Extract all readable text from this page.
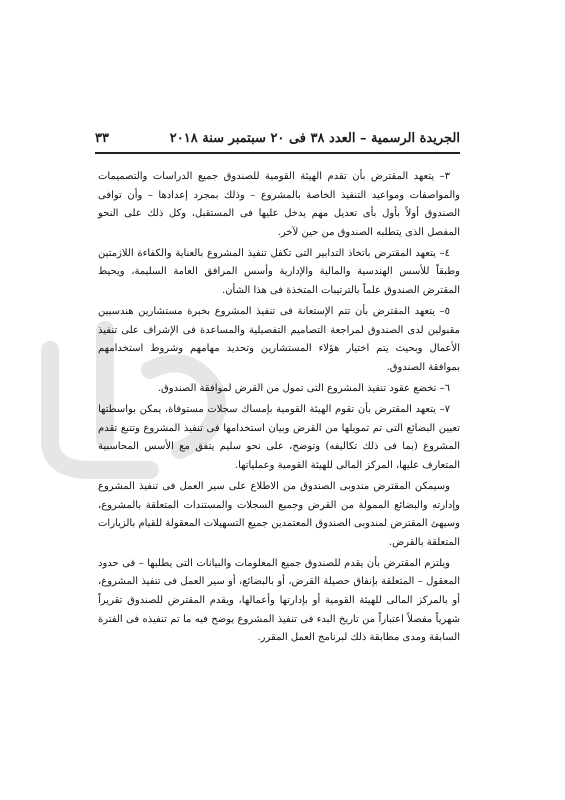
الجريدة الرسمية – العدد ٣٨ فى ٢٠ سبتمبر سنة ٢٠١٨
٣٣

٣– يتعهد المقترض بأن تقدم الهيئة القومية للصندوق جميع الدراسات والتصميمات والمواصفات ومواعيد التنفيذ الخاصة بالمشروع – وذلك بمجرد إعدادها – وأن توافى الصندوق أولاً بأول بأى تعديل مهم يدخل عليها فى المستقبل، وكل ذلك على النحو المفصل الذى يتطلبه الصندوق من حين لآخر.

٤– يتعهد المقترض باتخاذ التدابير التى تكفل تنفيذ المشروع بالعناية والكفاءة اللازمتين وطبقاً للأسس الهندسية والمالية والإدارية وأسس المرافق العامة السليمة، ويحيط المقترض الصندوق علماً بالترتيبات المتخذة فى هذا الشأن.

٥– يتعهد المقترض بأن تتم الإستعانة فى تنفيذ المشروع بخبرة مستشارين هندسيين مقبولين لدى الصندوق لمراجعة التصاميم التفصيلية والمساعدة فى الإشراف على تنفيذ الأعمال وبحيث يتم اختيار هؤلاء المستشارين وتحديد مهامهم وشروط استخدامهم بموافقة الصندوق.

٦– تخضع عقود تنفيذ المشروع التى تمول من القرض لموافقة الصندوق.

٧– يتعهد المقترض بأن تقوم الهيئة القومية بإمساك سجلات مستوفاة، يمكن بواسطتها تعيين البضائع التى تم تمويلها من القرض وبيان استخدامها فى تنفيذ المشروع وتتبع تقدم المشروع (بما فى ذلك تكاليفه) وتوضح، على نحو سليم يتفق مع الأسس المحاسبية المتعارف عليها، المركز المالى للهيئة القومية وعملياتها.

وسيمكن المقترض مندوبى الصندوق من الاطلاع على سير العمل فى تنفيذ المشروع وإدارته والبضائع الممولة من القرض وجميع السجلات والمستندات المتعلقة بالمشروع، وسيهئ المقترض لمندوبى الصندوق المعتمدين جميع التسهيلات المعقولة للقيام بالزيارات المتعلقة بالقرض.

ويلتزم المقترض بأن يقدم للصندوق جميع المعلومات والبيانات التى يطلبها – فى حدود المعقول – المتعلقة بإنفاق حصيلة القرض، أو بالبضائع، أو سير العمل فى تنفيذ المشروع، أو بالمركز المالى للهيئة القومية أو بإدارتها وأعمالها، ويقدم المقترض للصندوق تقريراً شهرياً مفصلاً اعتباراً من تاريخ البدء فى تنفيذ المشروع يوضح فيه ما تم تنفيذه فى الفترة السابقة ومدى مطابقة ذلك لبرنامج العمل المقرر.
